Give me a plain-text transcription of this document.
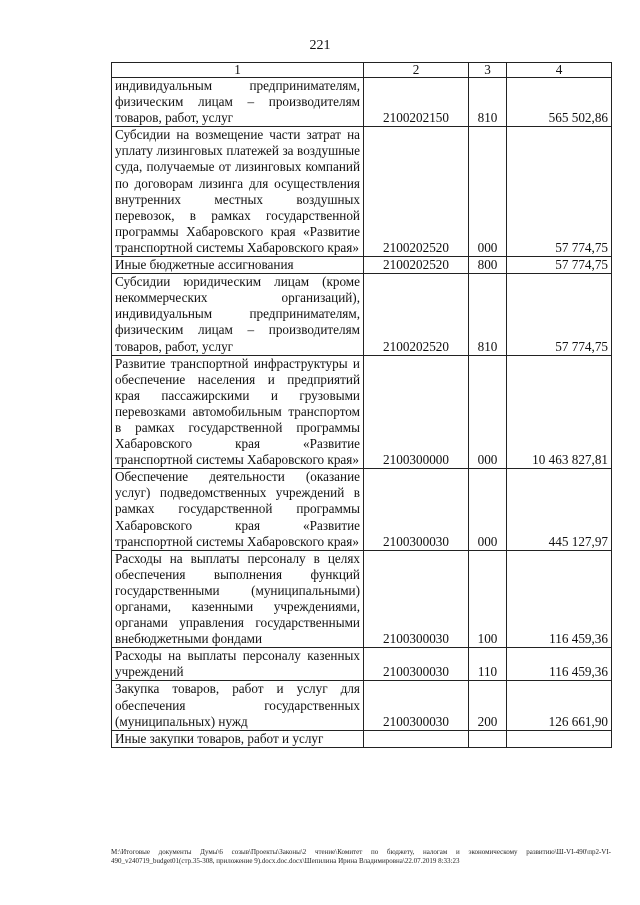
221
1	2	3	4
индивидуальным предпринимателям, физическим лицам – производителям товаров, работ, услуг	2100202150	810	565 502,86
Субсидии на возмещение части затрат на уплату лизинговых платежей за воздушные суда, получаемые от лизинговых компаний по договорам лизинга для осуществления внутренних местных воздушных перевозок, в рамках государственной программы Хабаровского края «Развитие транспортной системы Хабаровского края»	2100202520	000	57 774,75
Иные бюджетные ассигнования	2100202520	800	57 774,75
Субсидии юридическим лицам (кроме некоммерческих организаций), индивидуальным предпринимателям, физическим лицам – производителям товаров, работ, услуг	2100202520	810	57 774,75
Развитие транспортной инфраструктуры и обеспечение населения и предприятий края пассажирскими и грузовыми перевозками автомобильным транспортом в рамках государственной программы Хабаровского края «Развитие транспортной системы Хабаровского края»	2100300000	000	10 463 827,81
Обеспечение деятельности (оказание услуг) подведомственных учреждений в рамках государственной программы Хабаровского края «Развитие транспортной системы Хабаровского края»	2100300030	000	445 127,97
Расходы на выплаты персоналу в целях обеспечения выполнения функций государственными (муниципальными) органами, казенными учреждениями, органами управления государственными внебюджетными фондами	2100300030	100	116 459,36
Расходы на выплаты персоналу казенных учреждений	2100300030	110	116 459,36
Закупка товаров, работ и услуг для обеспечения государственных (муниципальных) нужд	2100300030	200	126 661,90
Иные закупки товаров, работ и услуг			
M:\Итоговые документы Думы\6 созыв\Проекты\Законы\2 чтение\Комитет по бюджету, налогам и экономическому развитию\Ш-VI-490\пр2-VI-490_v240719_budget01(стр.35-308, приложение 9).docx.doc.docx\Шепилина Ирина Владимировна\22.07.2019 8:33:23
